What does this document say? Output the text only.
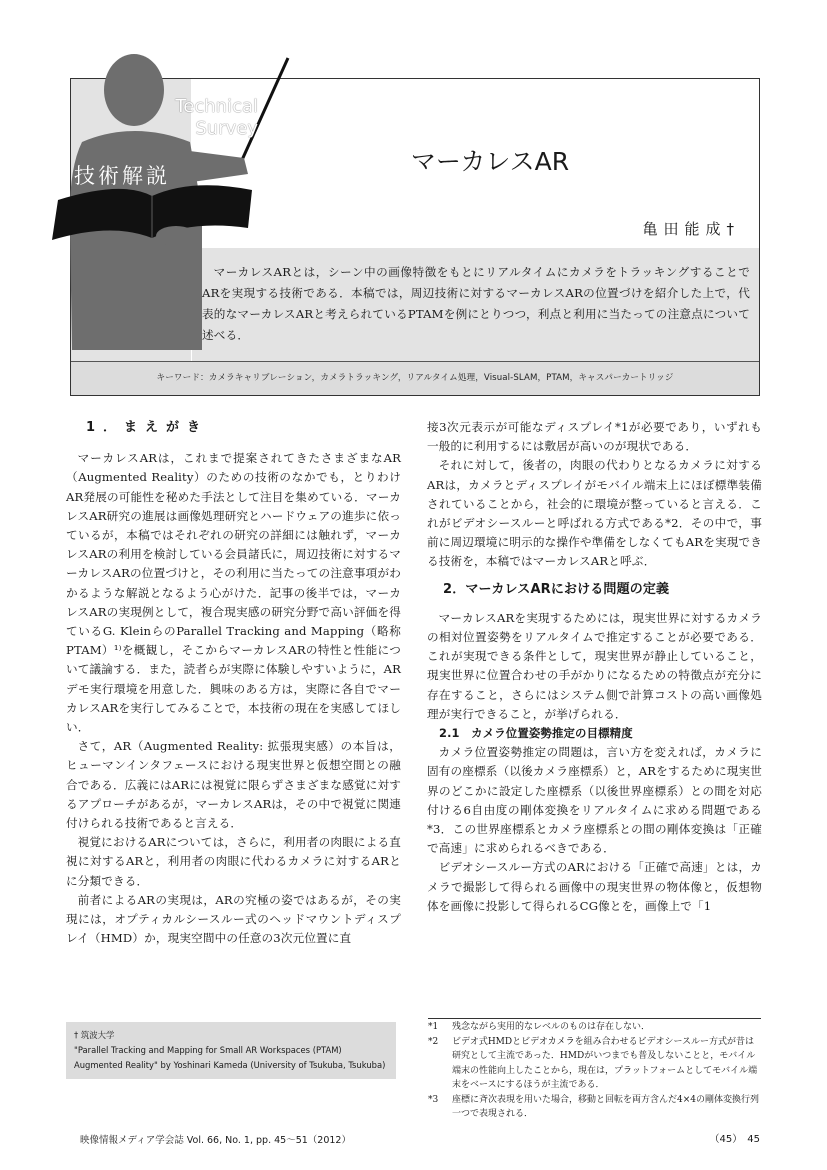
Technical
Survey
技術解説	マーカレスAR
亀田能成†
マーカレスARとは，シーン中の画像特徴をもとにリアルタイムにカメラをトラッキングすることでARを実現する技術である．本稿では，周辺技術に対するマーカレスARの位置づけを紹介した上で，代表的なマーカレスARと考えられているPTAMを例にとりつつ，利点と利用に当たっての注意点について述べる．
キーワード：カメラキャリブレーション，カメラトラッキング，リアルタイム処理，Visual-SLAM，PTAM，キャスパーカートリッジ
1．まえがき

マーカレスARは，これまで提案されてきたさまざまなAR（Augmented Reality）のための技術のなかでも，とりわけAR発展の可能性を秘めた手法として注目を集めている．マーカレスAR研究の進展は画像処理研究とハードウェアの進歩に依っているが，本稿ではそれぞれの研究の詳細には触れず，マーカレスARの利用を検討している会員諸氏に，周辺技術に対するマーカレスARの位置づけと，その利用に当たっての注意事項がわかるような解説となるよう心がけた．記事の後半では，マーカレスARの実現例として，複合現実感の研究分野で高い評価を得ているG. KleinらのParallel Tracking and Mapping（略称PTAM）¹⁾を概観し，そこからマーカレスARの特性と性能について議論する．また，読者らが実際に体験しやすいように，ARデモ実行環境を用意した．興味のある方は，実際に各自でマーカレスARを実行してみることで，本技術の現在を実感してほしい．

さて，AR（Augmented Reality: 拡張現実感）の本旨は，ヒューマンインタフェースにおける現実世界と仮想空間との融合である．広義にはARには視覚に限らずさまざまな感覚に対するアプローチがあるが，マーカレスARは，その中で視覚に関連付けられる技術であると言える．

視覚におけるARについては，さらに，利用者の肉眼による直視に対するARと，利用者の肉眼に代わるカメラに対するARとに分類できる．

前者によるARの実現は，ARの究極の姿ではあるが，その実現には，オプティカルシースルー式のヘッドマウントディスプレイ（HMD）か，現実空間中の任意の3次元位置に直

接3次元表示が可能なディスプレイ*1が必要であり，いずれも一般的に利用するには敷居が高いのが現状である．

それに対して，後者の，肉眼の代わりとなるカメラに対するARは，カメラとディスプレイがモバイル端末上にほぼ標準装備されていることから，社会的に環境が整っていると言える．これがビデオシースルーと呼ばれる方式である*2．その中で，事前に周辺環境に明示的な操作や準備をしなくてもARを実現できる技術を，本稿ではマーカレスARと呼ぶ．

2．マーカレスARにおける問題の定義

マーカレスARを実現するためには，現実世界に対するカメラの相対位置姿勢をリアルタイムで推定することが必要である．これが実現できる条件として，現実世界が静止していること，現実世界に位置合わせの手がかりになるための特徴点が充分に存在すること，さらにはシステム側で計算コストの高い画像処理が実行できること，が挙げられる．

2.1　カメラ位置姿勢推定の目標精度

カメラ位置姿勢推定の問題は，言い方を変えれば，カメラに固有の座標系（以後カメラ座標系）と，ARをするために現実世界のどこかに設定した座標系（以後世界座標系）との間を対応付ける6自由度の剛体変換をリアルタイムに求める問題である*3．この世界座標系とカメラ座標系との間の剛体変換は「正確で高速」に求められるべきである．

ビデオシースルー方式のARにおける「正確で高速」とは，カメラで撮影して得られる画像中の現実世界の物体像と，仮想物体を画像に投影して得られるCG像とを，画像上で「1

† 筑波大学
"Parallel Tracking and Mapping for Small AR Workspaces (PTAM) Augmented Reality" by Yoshinari Kameda (University of Tsukuba, Tsukuba)
*1	残念ながら実用的なレベルのものは存在しない．
*2	ビデオ式HMDとビデオカメラを組み合わせるビデオシースルー方式が昔は研究として主流であった．HMDがいつまでも普及しないことと，モバイル端末の性能向上したことから，現在は，プラットフォームとしてモバイル端末をベースにするほうが主流である．
*3	座標に斉次表現を用いた場合，移動と回転を両方含んだ4×4の剛体変換行列一つで表現される．
映像情報メディア学会誌 Vol. 66, No. 1, pp. 45〜51（2012）	（45）　45
